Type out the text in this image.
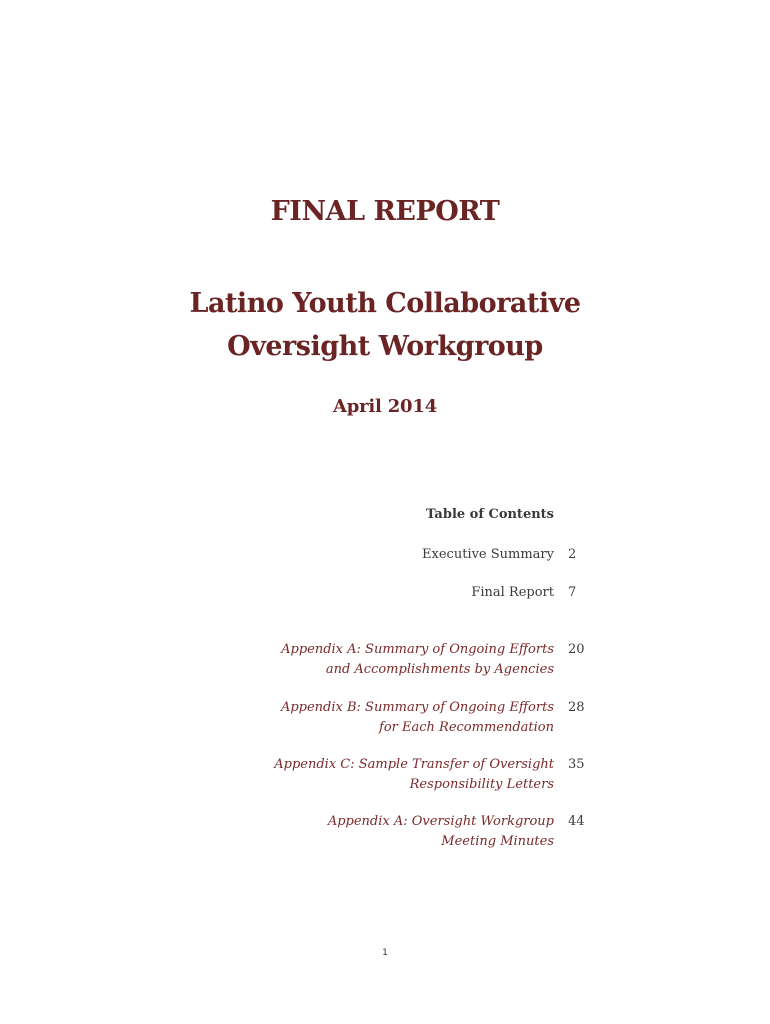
FINAL REPORT
Latino Youth Collaborative
Oversight Workgroup
April 2014
Table of Contents
Executive Summary 2
Final Report 7
Appendix A: Summary of Ongoing Efforts
and Accomplishments by Agencies
20
Appendix B: Summary of Ongoing Efforts
for Each Recommendation
28
Appendix C: Sample Transfer of Oversight
Responsibility Letters
35
Appendix A: Oversight Workgroup
Meeting Minutes
44
1
